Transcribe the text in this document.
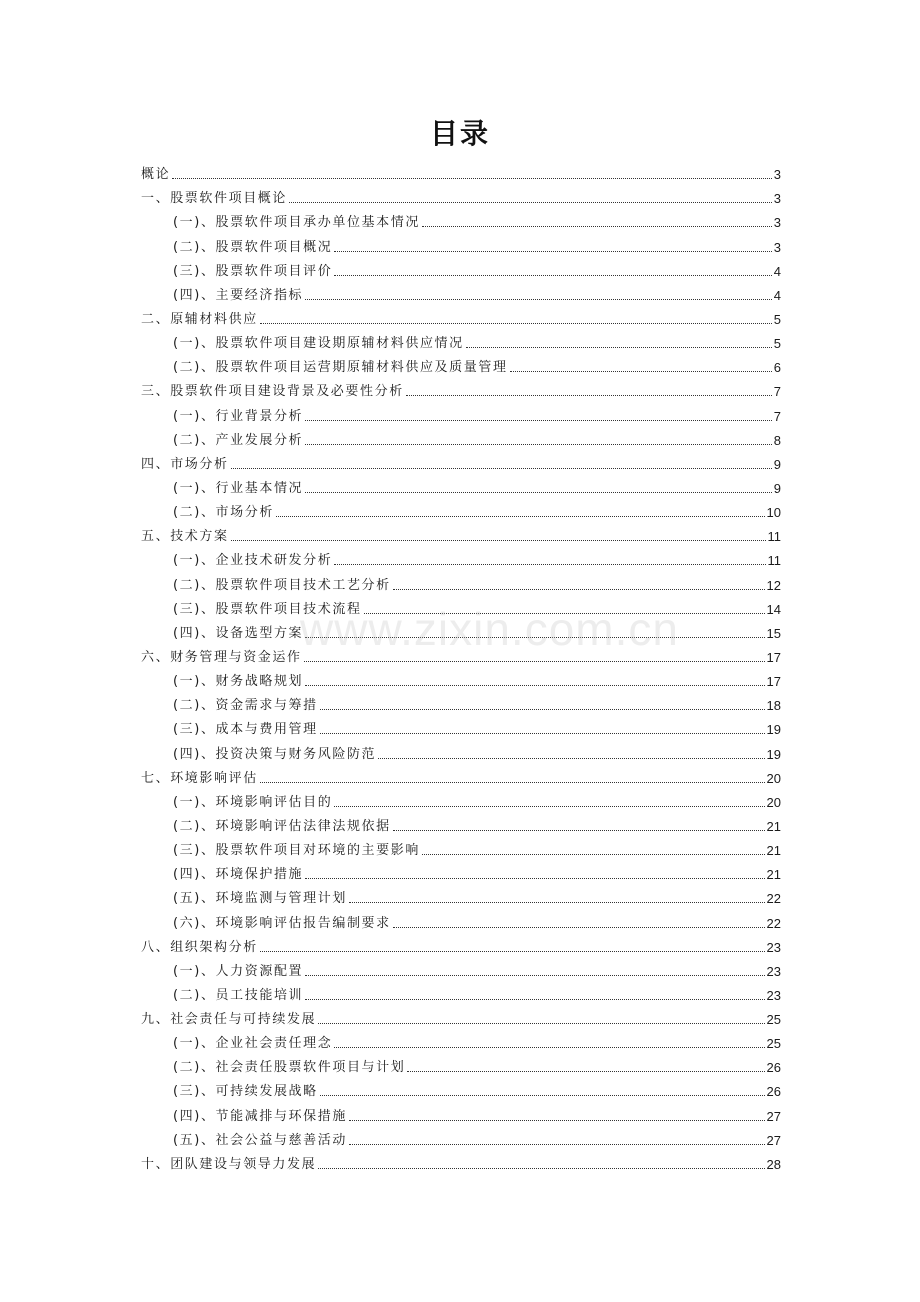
目录
概论	3
一、股票软件项目概论	3
(一)、股票软件项目承办单位基本情况	3
(二)、股票软件项目概况	3
(三)、股票软件项目评价	4
(四)、主要经济指标	4
二、原辅材料供应	5
(一)、股票软件项目建设期原辅材料供应情况	5
(二)、股票软件项目运营期原辅材料供应及质量管理	6
三、股票软件项目建设背景及必要性分析	7
(一)、行业背景分析	7
(二)、产业发展分析	8
四、市场分析	9
(一)、行业基本情况	9
(二)、市场分析	10
五、技术方案	11
(一)、企业技术研发分析	11
(二)、股票软件项目技术工艺分析	12
(三)、股票软件项目技术流程	14
(四)、设备选型方案	15
六、财务管理与资金运作	17
(一)、财务战略规划	17
(二)、资金需求与筹措	18
(三)、成本与费用管理	19
(四)、投资决策与财务风险防范	19
七、环境影响评估	20
(一)、环境影响评估目的	20
(二)、环境影响评估法律法规依据	21
(三)、股票软件项目对环境的主要影响	21
(四)、环境保护措施	21
(五)、环境监测与管理计划	22
(六)、环境影响评估报告编制要求	22
八、组织架构分析	23
(一)、人力资源配置	23
(二)、员工技能培训	23
九、社会责任与可持续发展	25
(一)、企业社会责任理念	25
(二)、社会责任股票软件项目与计划	26
(三)、可持续发展战略	26
(四)、节能减排与环保措施	27
(五)、社会公益与慈善活动	27
十、团队建设与领导力发展	28
www.zixin.com.cn
